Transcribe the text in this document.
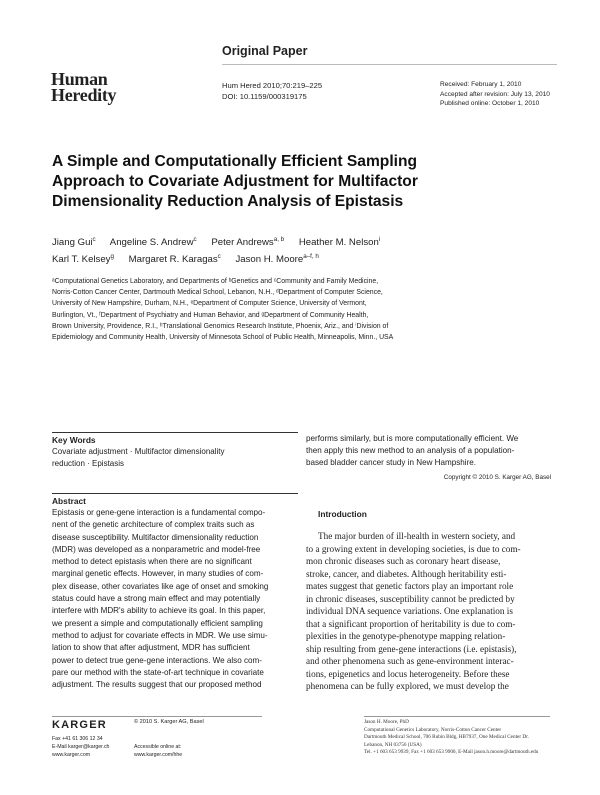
Original Paper
Human
Heredity	Hum Hered 2010;70:219–225
DOI: 10.1159/000319175
Received: February 1, 2010
Accepted after revision: July 13, 2010
Published online: October 1, 2010
A Simple and Computationally Efficient Sampling
Approach to Covariate Adjustment for Multifactor
Dimensionality Reduction Analysis of Epistasis
Jiang Gui$^c$ Angeline S. Andrew$^c$ Peter Andrews$^{a, b}$ Heather M. Nelson$^i$
Karl T. Kelsey$^g$ Margaret R. Karagas$^c$ Jason H. Moore$^{a-f, h}$
ᵃComputational Genetics Laboratory, and Departments of ᵇGenetics and ᶜCommunity and Family Medicine,
Norris-Cotton Cancer Center, Dartmouth Medical School, Lebanon, N.H., ᵈDepartment of Computer Science,
University of New Hampshire, Durham, N.H., ᵉDepartment of Computer Science, University of Vermont,
Burlington, Vt., ᶠDepartment of Psychiatry and Human Behavior, and ᵍDepartment of Community Health,
Brown University, Providence, R.I., ʰTranslational Genomics Research Institute, Phoenix, Ariz., and ⁱDivision of
Epidemiology and Community Health, University of Minnesota School of Public Health, Minneapolis, Minn., USA
Key Words
Covariate adjustment · Multifactor dimensionality
reduction · Epistasis
performs similarly, but is more computationally efficient. We
then apply this new method to an analysis of a population-
based bladder cancer study in New Hampshire.
Copyright © 2010 S. Karger AG, Basel
Abstract
Epistasis or gene-gene interaction is a fundamental compo-
nent of the genetic architecture of complex traits such as
disease susceptibility. Multifactor dimensionality reduction
(MDR) was developed as a nonparametric and model-free
method to detect epistasis when there are no significant
marginal genetic effects. However, in many studies of com-
plex disease, other covariates like age of onset and smoking
status could have a strong main effect and may potentially
interfere with MDR's ability to achieve its goal. In this paper,
we present a simple and computationally efficient sampling
method to adjust for covariate effects in MDR. We use simu-
lation to show that after adjustment, MDR has sufficient
power to detect true gene-gene interactions. We also com-
pare our method with the state-of-art technique in covariate
adjustment. The results suggest that our proposed method
Introduction
The major burden of ill-health in western society, and
to a growing extent in developing societies, is due to com-
mon chronic diseases such as coronary heart disease,
stroke, cancer, and diabetes. Although heritability esti-
mates suggest that genetic factors play an important role
in chronic diseases, susceptibility cannot be predicted by
individual DNA sequence variations. One explanation is
that a significant proportion of heritability is due to com-
plexities in the genotype-phenotype mapping relation-
ship resulting from gene-gene interactions (i.e. epistasis),
and other phenomena such as gene-environment interac-
tions, epigenetics and locus heterogeneity. Before these
phenomena can be fully explored, we must develop the
KARGER
Fax +41 61 306 12 34
E-Mail karger@karger.ch
www.karger.com
© 2010 S. Karger AG, Basel
Accessible online at:
www.karger.com/hhe
Jason H. Moore, PhD
Computational Genetics Laboratory, Norris-Cotton Cancer Center
Dartmouth Medical School, 706 Rubin Bldg, HB7937, One Medical Center Dr.
Lebanon, NH 03756 (USA)
Tel. +1 603 653 9939, Fax +1 603 653 9900, E-Mail jason.h.moore@dartmouth.edu
